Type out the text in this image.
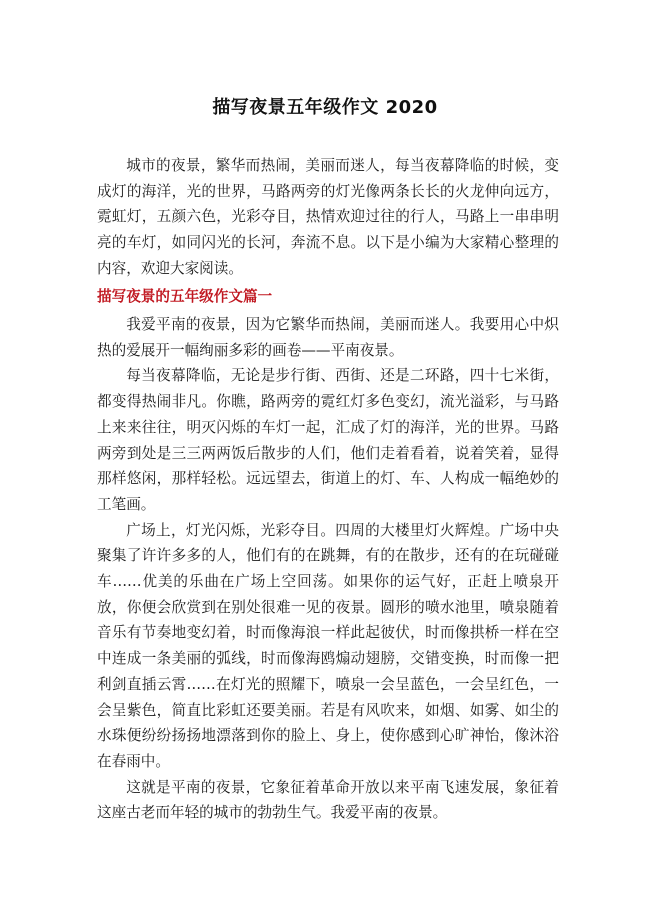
描写夜景五年级作文 2020

城市的夜景，繁华而热闹，美丽而迷人，每当夜幕降临的时候，变成灯的海洋，光的世界，马路两旁的灯光像两条长长的火龙伸向远方，霓虹灯，五颜六色，光彩夺目，热情欢迎过往的行人，马路上一串串明亮的车灯，如同闪光的长河，奔流不息。以下是小编为大家精心整理的内容，欢迎大家阅读。

描写夜景的五年级作文篇一

我爱平南的夜景，因为它繁华而热闹，美丽而迷人。我要用心中炽热的爱展开一幅绚丽多彩的画卷——平南夜景。

每当夜幕降临，无论是步行街、西街、还是二环路，四十七米街，都变得热闹非凡。你瞧，路两旁的霓红灯多色变幻，流光溢彩，与马路上来来往往，明灭闪烁的车灯一起，汇成了灯的海洋，光的世界。马路两旁到处是三三两两饭后散步的人们，他们走着看着，说着笑着，显得那样悠闲，那样轻松。远远望去，街道上的灯、车、人构成一幅绝妙的工笔画。

广场上，灯光闪烁，光彩夺目。四周的大楼里灯火辉煌。广场中央聚集了许许多多的人，他们有的在跳舞，有的在散步，还有的在玩碰碰车……优美的乐曲在广场上空回荡。如果你的运气好，正赶上喷泉开放，你便会欣赏到在别处很难一见的夜景。圆形的喷水池里，喷泉随着音乐有节奏地变幻着，时而像海浪一样此起彼伏，时而像拱桥一样在空中连成一条美丽的弧线，时而像海鸥煽动翅膀，交错变换，时而像一把利剑直插云霄……在灯光的照耀下，喷泉一会呈蓝色，一会呈红色，一会呈紫色，简直比彩虹还要美丽。若是有风吹来，如烟、如雾、如尘的水珠便纷纷扬扬地漂落到你的脸上、身上，使你感到心旷神怡，像沐浴在春雨中。

这就是平南的夜景，它象征着革命开放以来平南飞速发展，象征着这座古老而年轻的城市的勃勃生气。我爱平南的夜景。
